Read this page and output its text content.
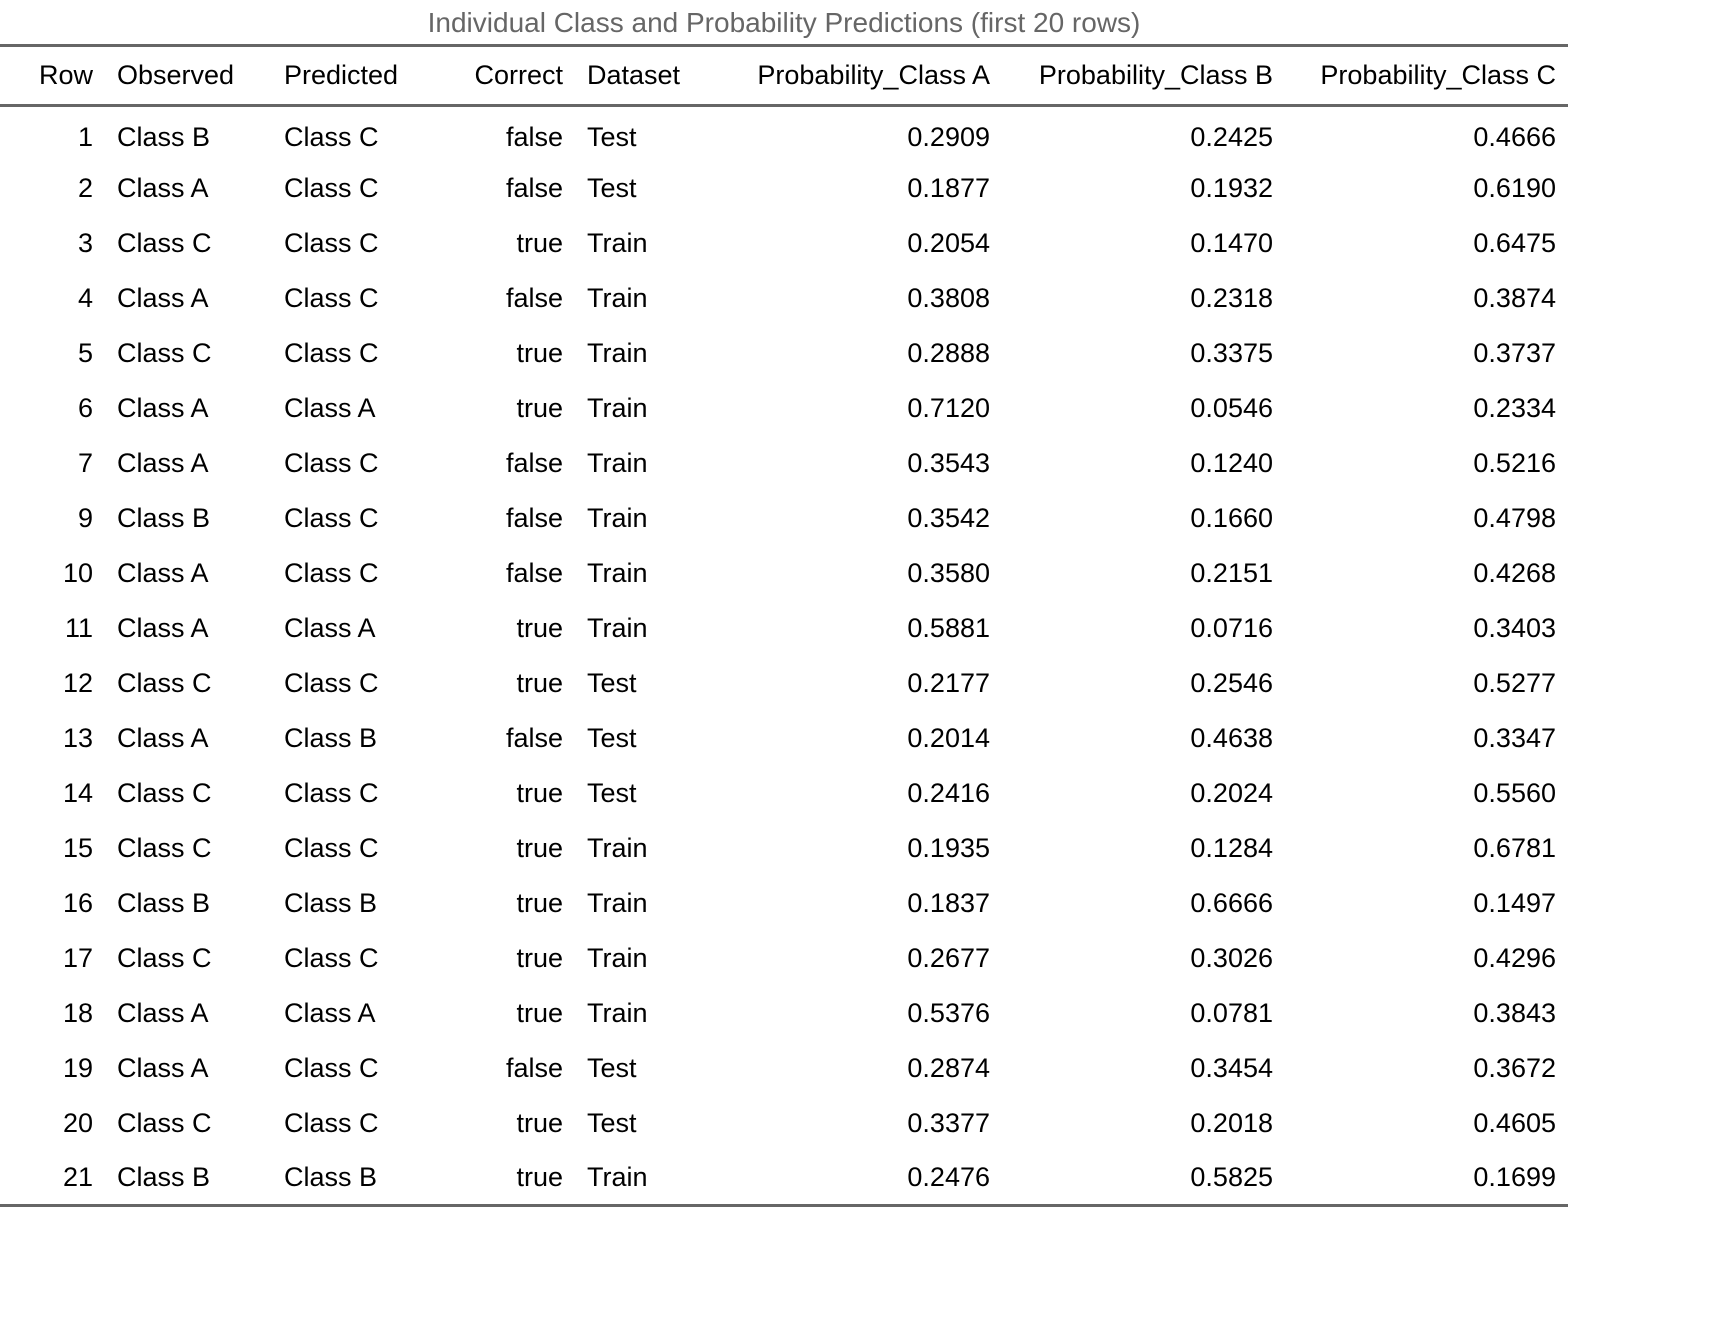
Individual Class and Probability Predictions (first 20 rows)
Row	Observed	Predicted	Correct	Dataset	Probability_Class A	Probability_Class B	Probability_Class C
1	Class B	Class C	false	Test	0.2909	0.2425	0.4666
2	Class A	Class C	false	Test	0.1877	0.1932	0.6190
3	Class C	Class C	true	Train	0.2054	0.1470	0.6475
4	Class A	Class C	false	Train	0.3808	0.2318	0.3874
5	Class C	Class C	true	Train	0.2888	0.3375	0.3737
6	Class A	Class A	true	Train	0.7120	0.0546	0.2334
7	Class A	Class C	false	Train	0.3543	0.1240	0.5216
9	Class B	Class C	false	Train	0.3542	0.1660	0.4798
10	Class A	Class C	false	Train	0.3580	0.2151	0.4268
11	Class A	Class A	true	Train	0.5881	0.0716	0.3403
12	Class C	Class C	true	Test	0.2177	0.2546	0.5277
13	Class A	Class B	false	Test	0.2014	0.4638	0.3347
14	Class C	Class C	true	Test	0.2416	0.2024	0.5560
15	Class C	Class C	true	Train	0.1935	0.1284	0.6781
16	Class B	Class B	true	Train	0.1837	0.6666	0.1497
17	Class C	Class C	true	Train	0.2677	0.3026	0.4296
18	Class A	Class A	true	Train	0.5376	0.0781	0.3843
19	Class A	Class C	false	Test	0.2874	0.3454	0.3672
20	Class C	Class C	true	Test	0.3377	0.2018	0.4605
21	Class B	Class B	true	Train	0.2476	0.5825	0.1699
